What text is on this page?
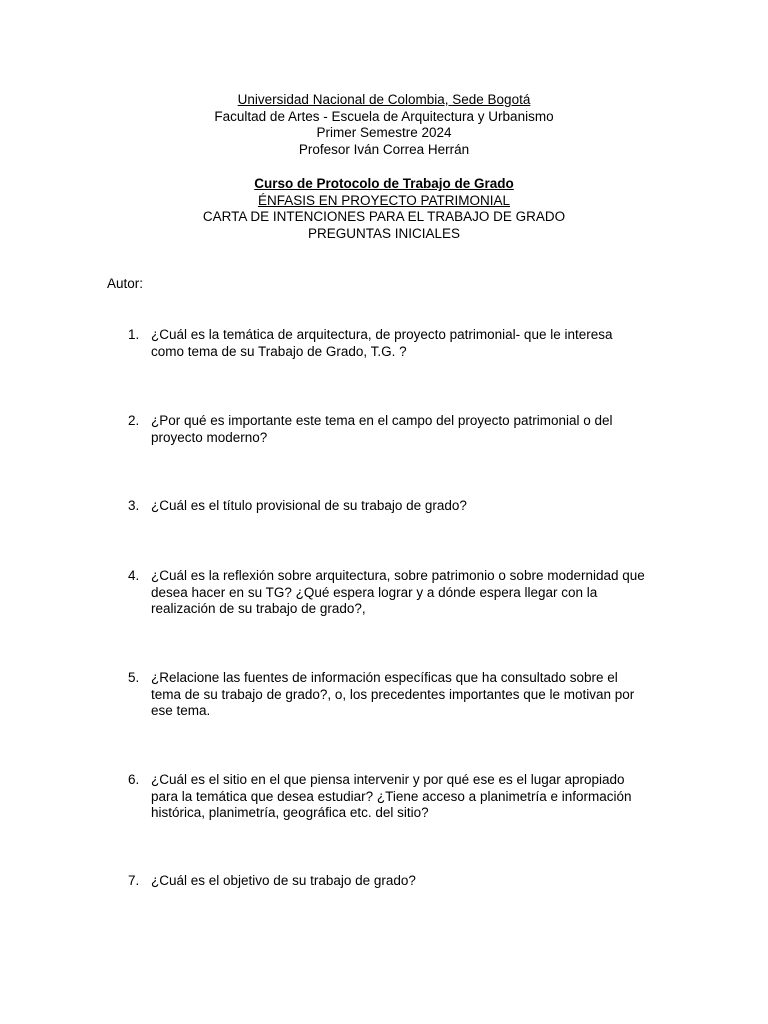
Universidad Nacional de Colombia, Sede Bogotá
Facultad de Artes - Escuela de Arquitectura y Urbanismo
Primer Semestre 2024
Profesor Iván Correa Herrán
Curso de Protocolo de Trabajo de Grado
ÉNFASIS EN PROYECTO PATRIMONIAL
CARTA DE INTENCIONES PARA EL TRABAJO DE GRADO
PREGUNTAS INICIALES
Autor:
1. ¿Cuál es la temática de arquitectura, de proyecto patrimonial- que le interesa
como tema de su Trabajo de Grado, T.G. ?
2. ¿Por qué es importante este tema en el campo del proyecto patrimonial o del
proyecto moderno?
3. ¿Cuál es el título provisional de su trabajo de grado?
4. ¿Cuál es la reflexión sobre arquitectura, sobre patrimonio o sobre modernidad que
desea hacer en su TG? ¿Qué espera lograr y a dónde espera llegar con la
realización de su trabajo de grado?,
5. ¿Relacione las fuentes de información específicas que ha consultado sobre el
tema de su trabajo de grado?, o, los precedentes importantes que le motivan por
ese tema.
6. ¿Cuál es el sitio en el que piensa intervenir y por qué ese es el lugar apropiado
para la temática que desea estudiar? ¿Tiene acceso a planimetría e información
histórica, planimetría, geográfica etc. del sitio?
7. ¿Cuál es el objetivo de su trabajo de grado?
